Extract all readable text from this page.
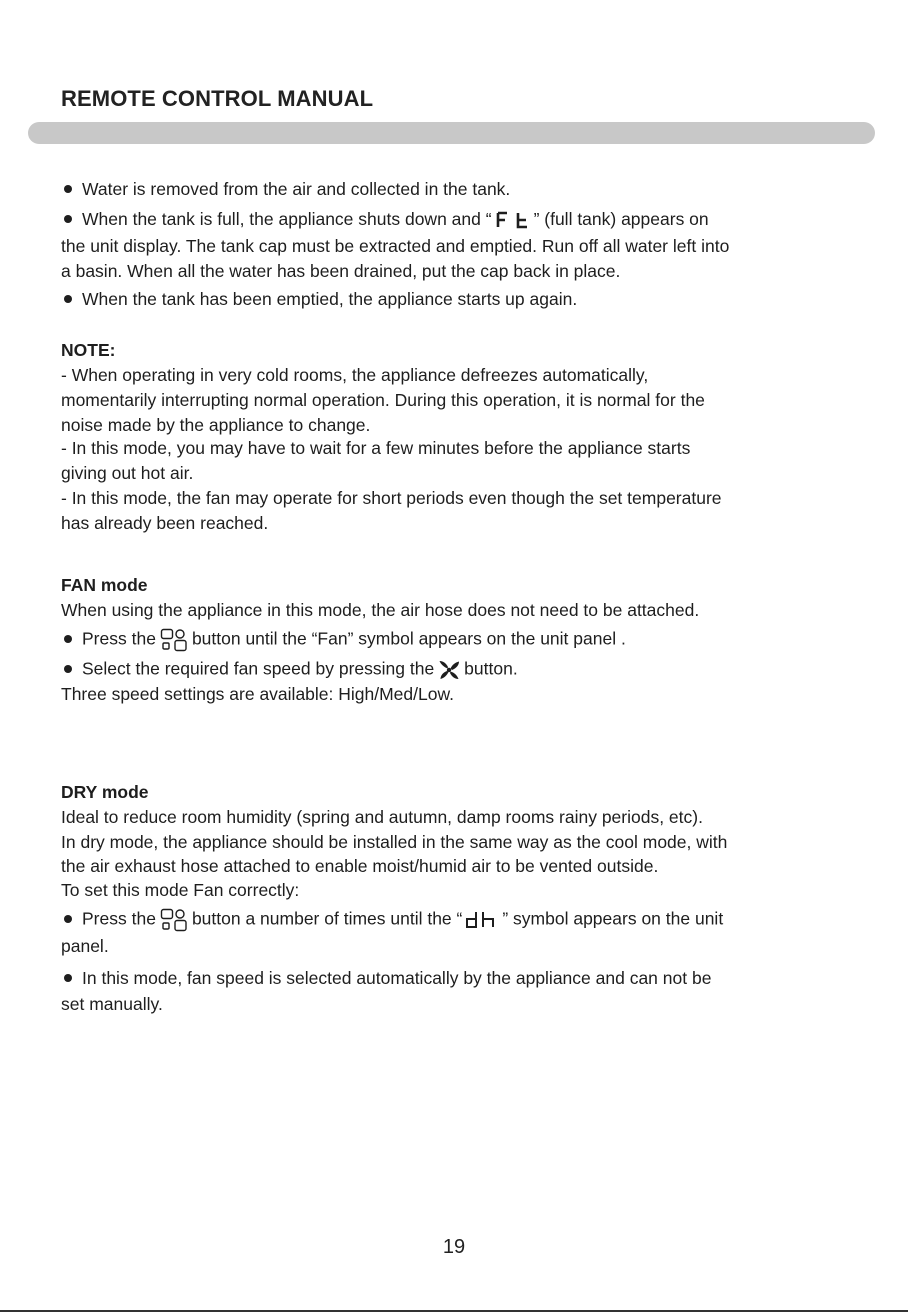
REMOTE CONTROL MANUAL
Water is removed from the air and collected in the tank.
When the tank is full, the appliance shuts down and “ ” (full tank) appears on
the unit display. The tank cap must be extracted and emptied. Run off all water left into
a basin. When all the water has been drained, put the cap back in place.
When the tank has been emptied, the appliance starts up again.
NOTE:
- When operating in very cold rooms, the appliance defreezes automatically,
momentarily interrupting normal operation. During this operation, it is normal for the
noise made by the appliance to change.
- In this mode, you may have to wait for a few minutes before the appliance starts
giving out hot air.
- In this mode, the fan may operate for short periods even though the set temperature
has already been reached.
FAN mode
When using the appliance in this mode, the air hose does not need to be attached.
Press the button until the “Fan” symbol appears on the unit panel .
Select the required fan speed by pressing the button.
Three speed settings are available: High/Med/Low.
DRY mode
Ideal to reduce room humidity (spring and autumn, damp rooms rainy periods, etc).
In dry mode, the appliance should be installed in the same way as the cool mode, with
the air exhaust hose attached to enable moist/humid air to be vented outside.
To set this mode Fan correctly:
Press the button a number of times until the “ ” symbol appears on the unit
panel.
In this mode, fan speed is selected automatically by the appliance and can not be
set manually.
19
